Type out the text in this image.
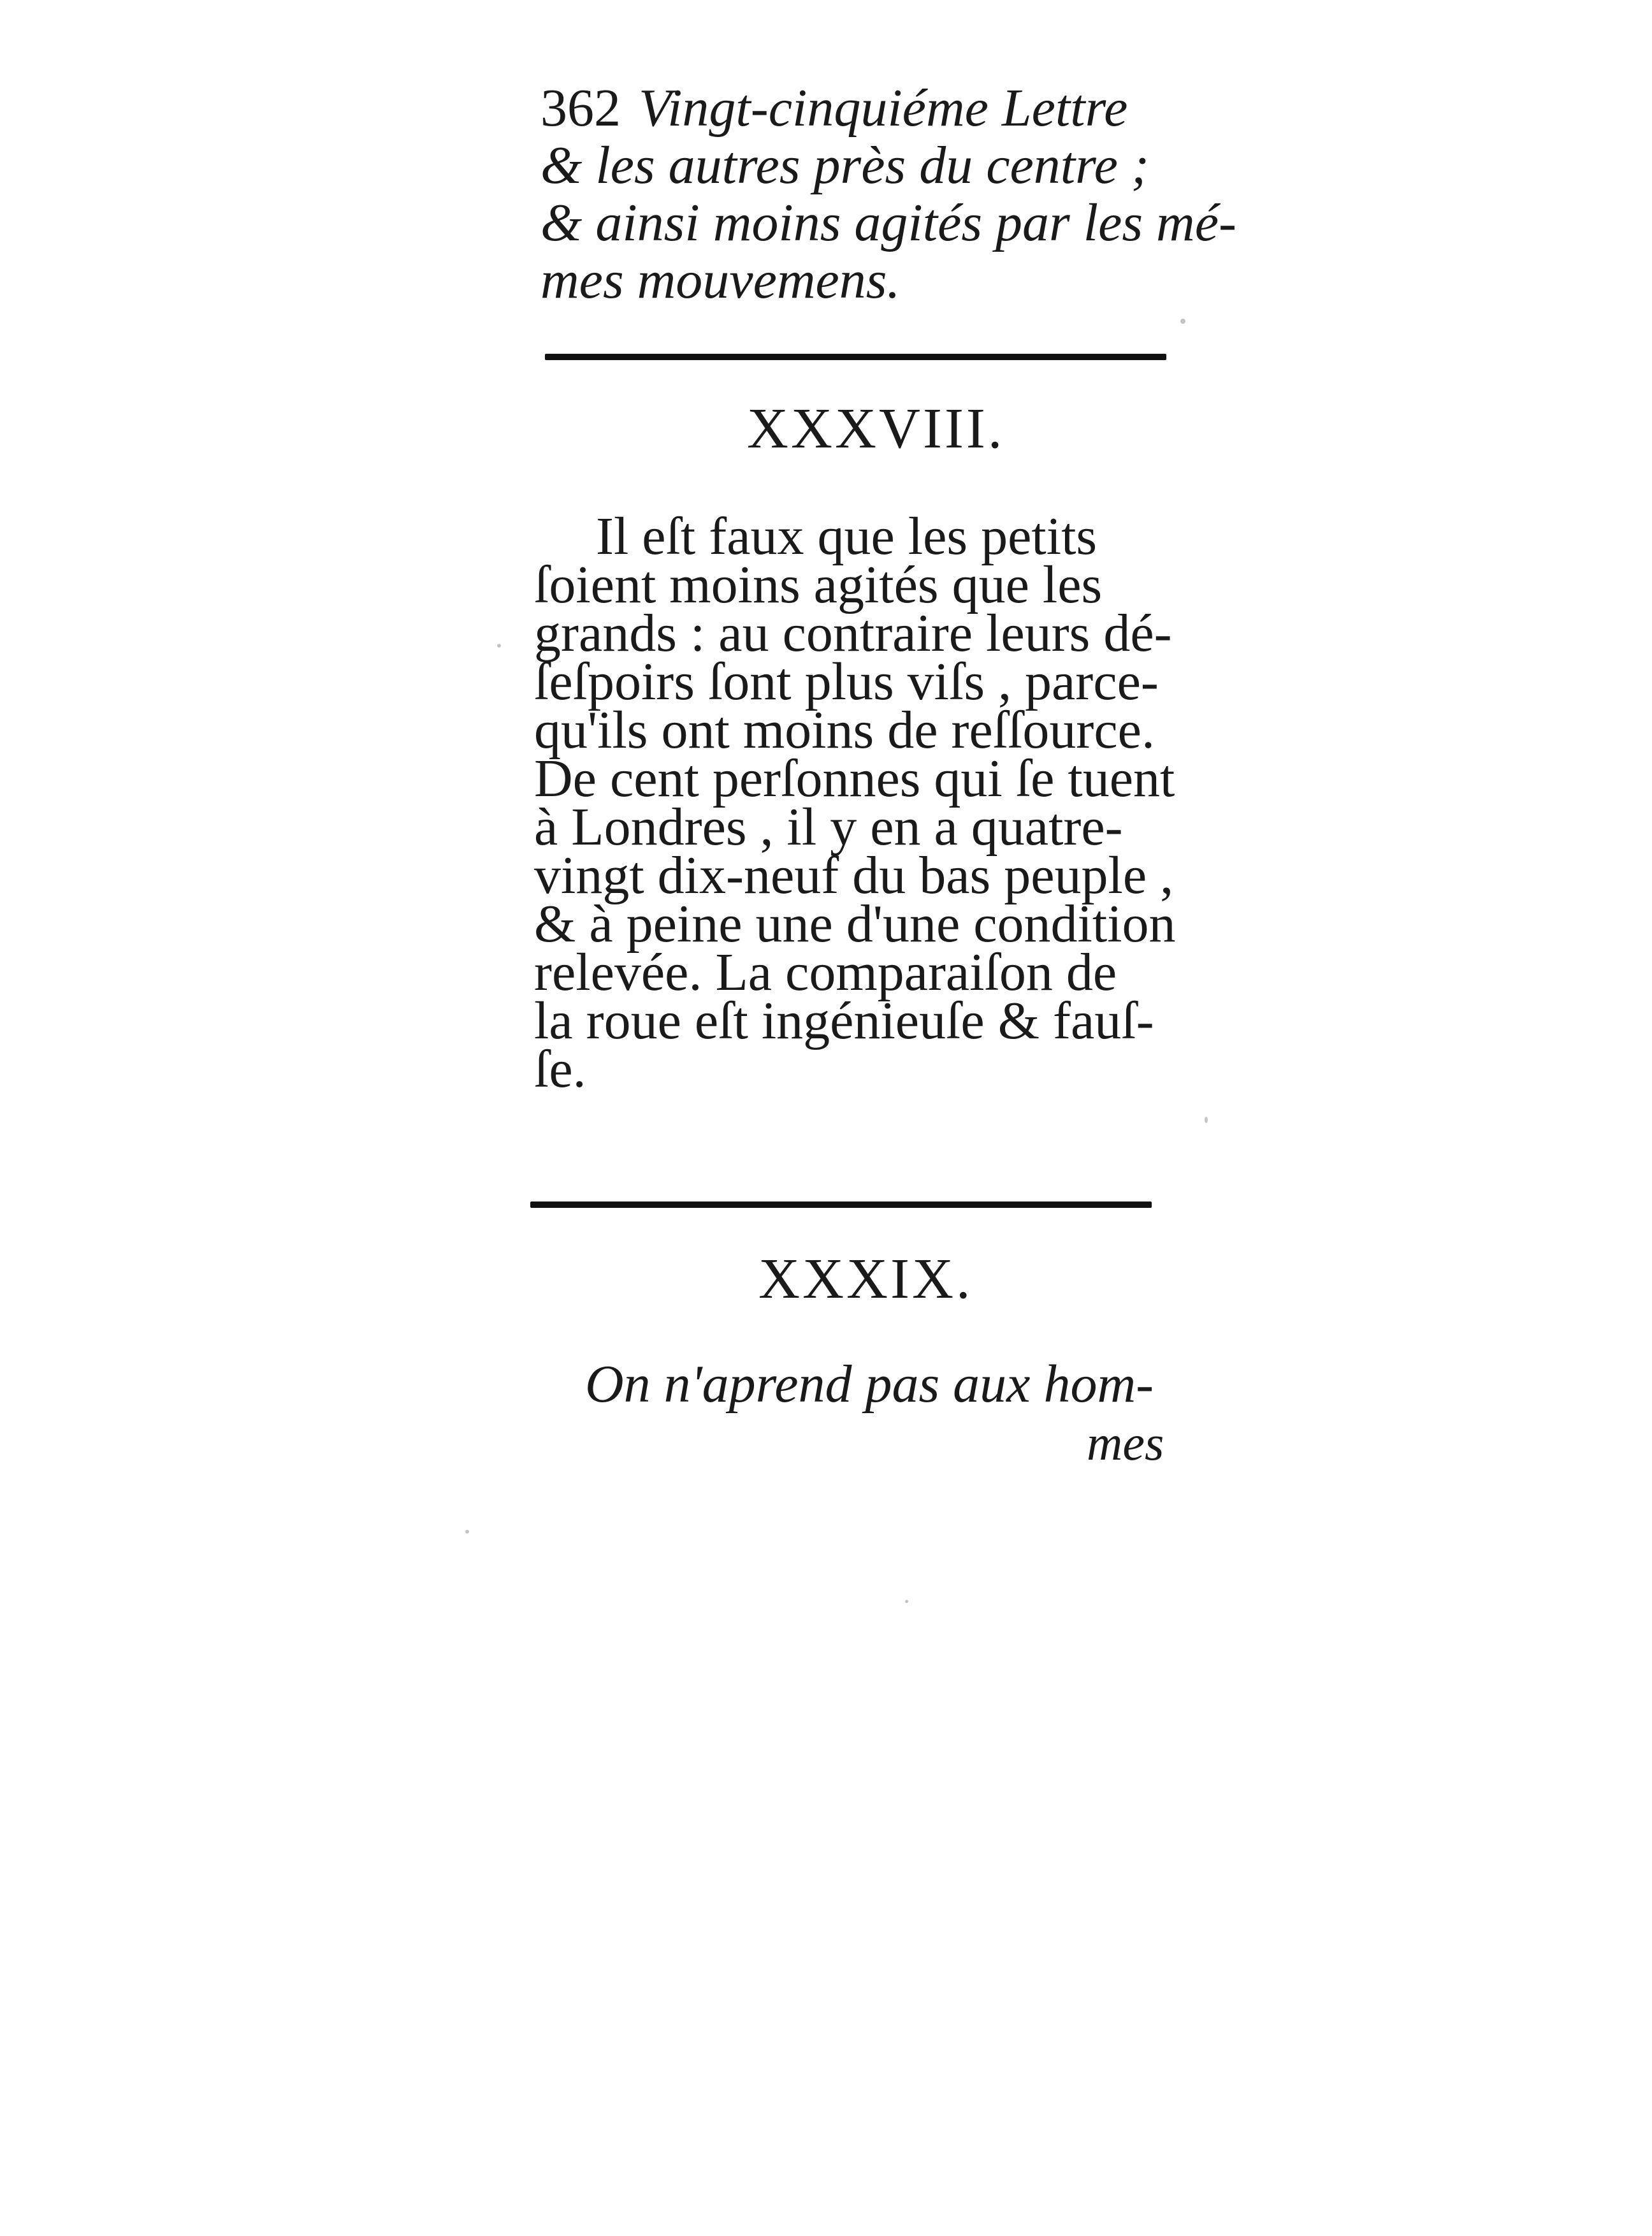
362 Vingt-cinquiéme Lettre
& les autres près du centre ;
& ainsi moins agités par les mé-
mes mouvemens.
XXXVIII.
Il eſt faux que les petits
ſoient moins agités que les
grands : au contraire leurs dé-
ſeſpoirs ſont plus viſs , parce-
qu'ils ont moins de reſſource.
De cent perſonnes qui ſe tuent
à Londres , il y en a quatre-
vingt dix-neuf du bas peuple ,
& à peine une d'une condition
relevée. La comparaiſon de
la roue eſt ingénieuſe & fauſ-
ſe.
XXXIX.
On n'aprend pas aux hom-
mes
